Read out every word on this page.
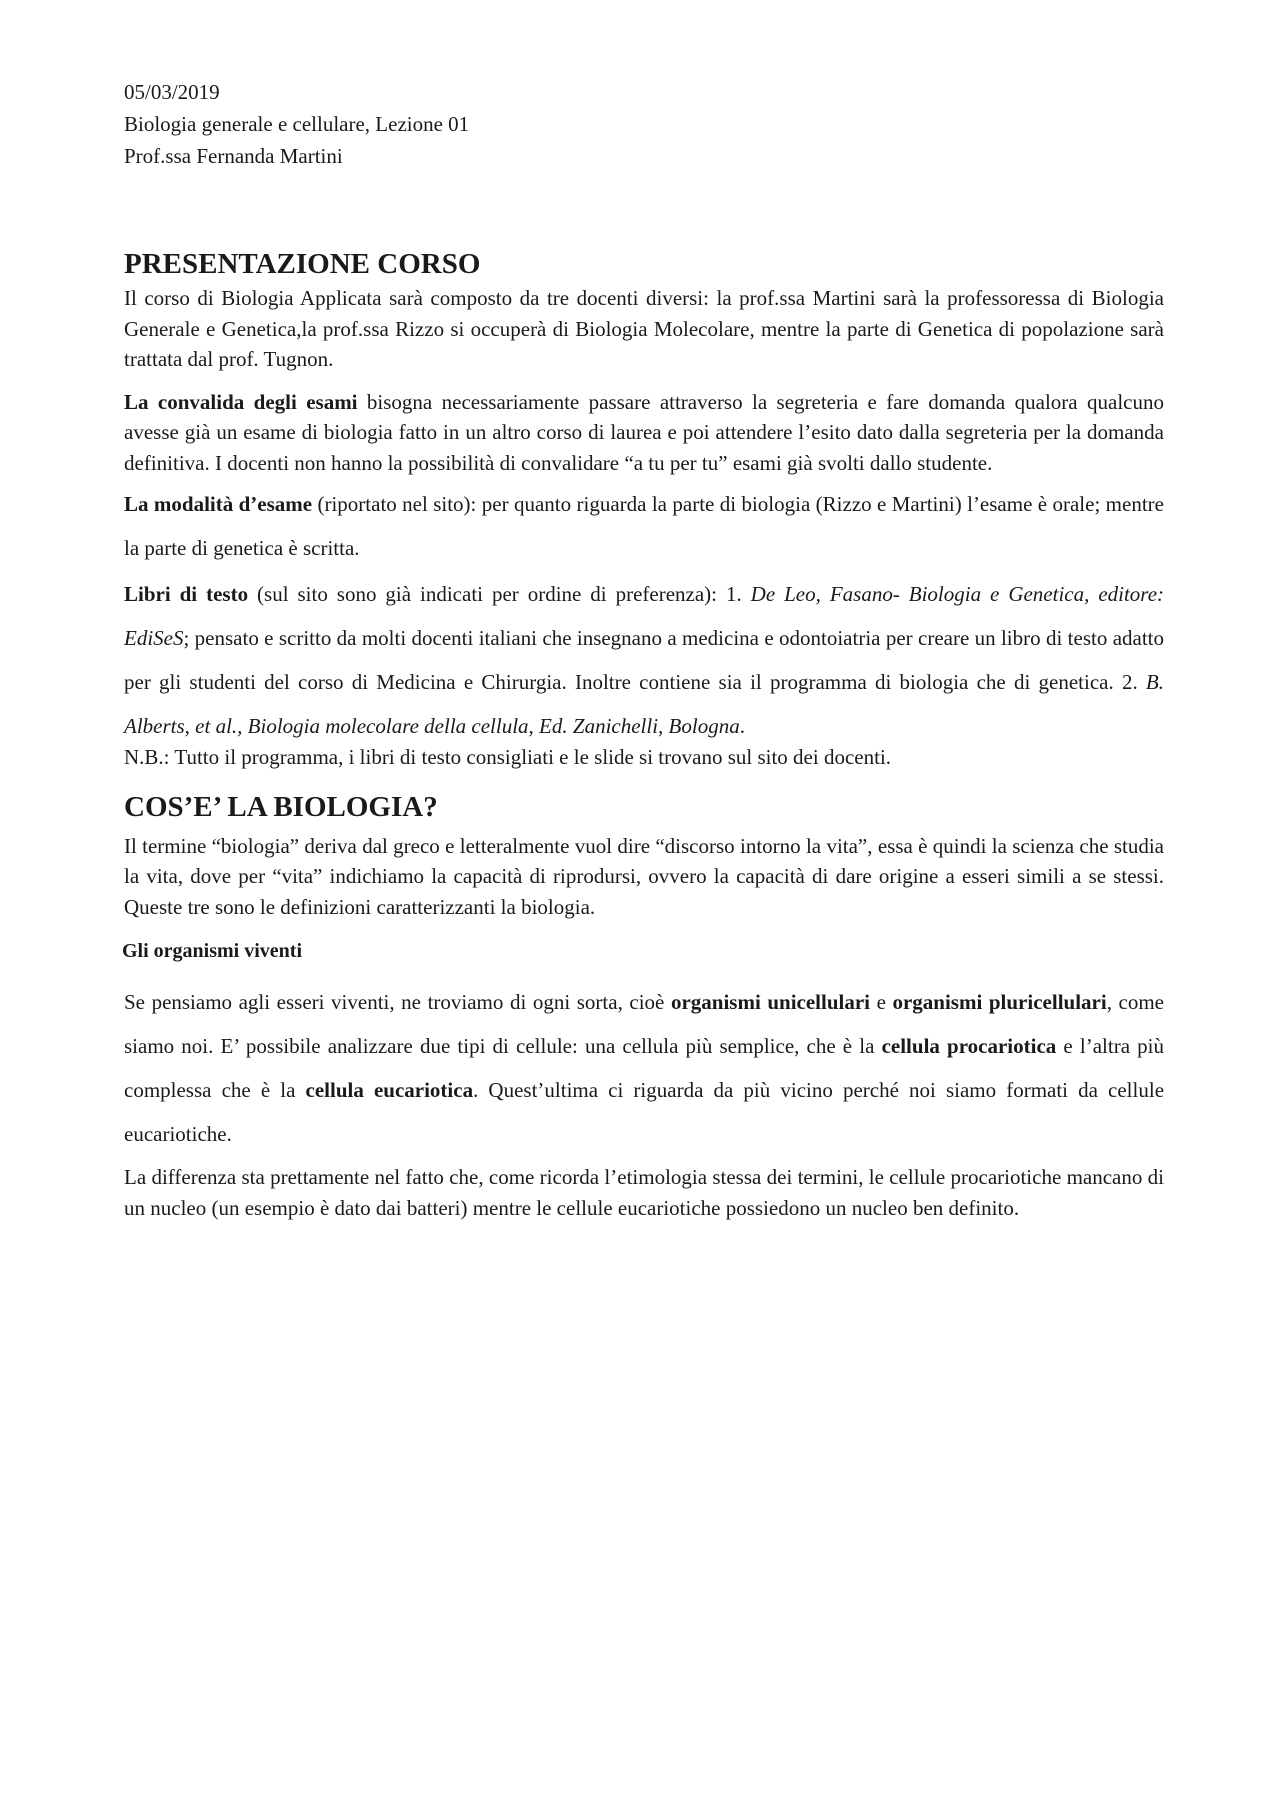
05/03/2019

Biologia generale e cellulare, Lezione 01

Prof.ssa Fernanda Martini

PRESENTAZIONE CORSO

Il corso di Biologia Applicata sarà composto da tre docenti diversi: la prof.ssa Martini sarà la professoressa di Biologia Generale e Genetica,la prof.ssa Rizzo si occuperà di Biologia Molecolare, mentre la parte di Genetica di popolazione sarà trattata dal prof. Tugnon.

La convalida degli esami bisogna necessariamente passare attraverso la segreteria e fare domanda qualora qualcuno avesse già un esame di biologia fatto in un altro corso di laurea e poi attendere l’esito dato dalla segreteria per la domanda definitiva. I docenti non hanno la possibilità di convalidare “a tu per tu” esami già svolti dallo studente.

La modalità d’esame (riportato nel sito): per quanto riguarda la parte di biologia (Rizzo e Martini) l’esame è orale; mentre la parte di genetica è scritta.

Libri di testo (sul sito sono già indicati per ordine di preferenza): 1. De Leo, Fasano- Biologia e Genetica, editore: EdiSeS; pensato e scritto da molti docenti italiani che insegnano a medicina e odontoiatria per creare un libro di testo adatto per gli studenti del corso di Medicina e Chirurgia. Inoltre contiene sia il programma di biologia che di genetica. 2. B. Alberts, et al., Biologia molecolare della cellula, Ed. Zanichelli, Bologna.

N.B.: Tutto il programma, i libri di testo consigliati e le slide si trovano sul sito dei docenti.

COS’E’ LA BIOLOGIA?

Il termine “biologia” deriva dal greco e letteralmente vuol dire “discorso intorno la vita”, essa è quindi la scienza che studia la vita, dove per “vita” indichiamo la capacità di riprodursi, ovvero la capacità di dare origine a esseri simili a se stessi. Queste tre sono le definizioni caratterizzanti la biologia.

Gli organismi viventi

Se pensiamo agli esseri viventi, ne troviamo di ogni sorta, cioè organismi unicellulari e organismi pluricellulari, come siamo noi. E’ possibile analizzare due tipi di cellule: una cellula più semplice, che è la cellula procariotica e l’altra più complessa che è la cellula eucariotica. Quest’ultima ci riguarda da più vicino perché noi siamo formati da cellule eucariotiche.

La differenza sta prettamente nel fatto che, come ricorda l’etimologia stessa dei termini, le cellule procariotiche mancano di un nucleo (un esempio è dato dai batteri) mentre le cellule eucariotiche possiedono un nucleo ben definito.
